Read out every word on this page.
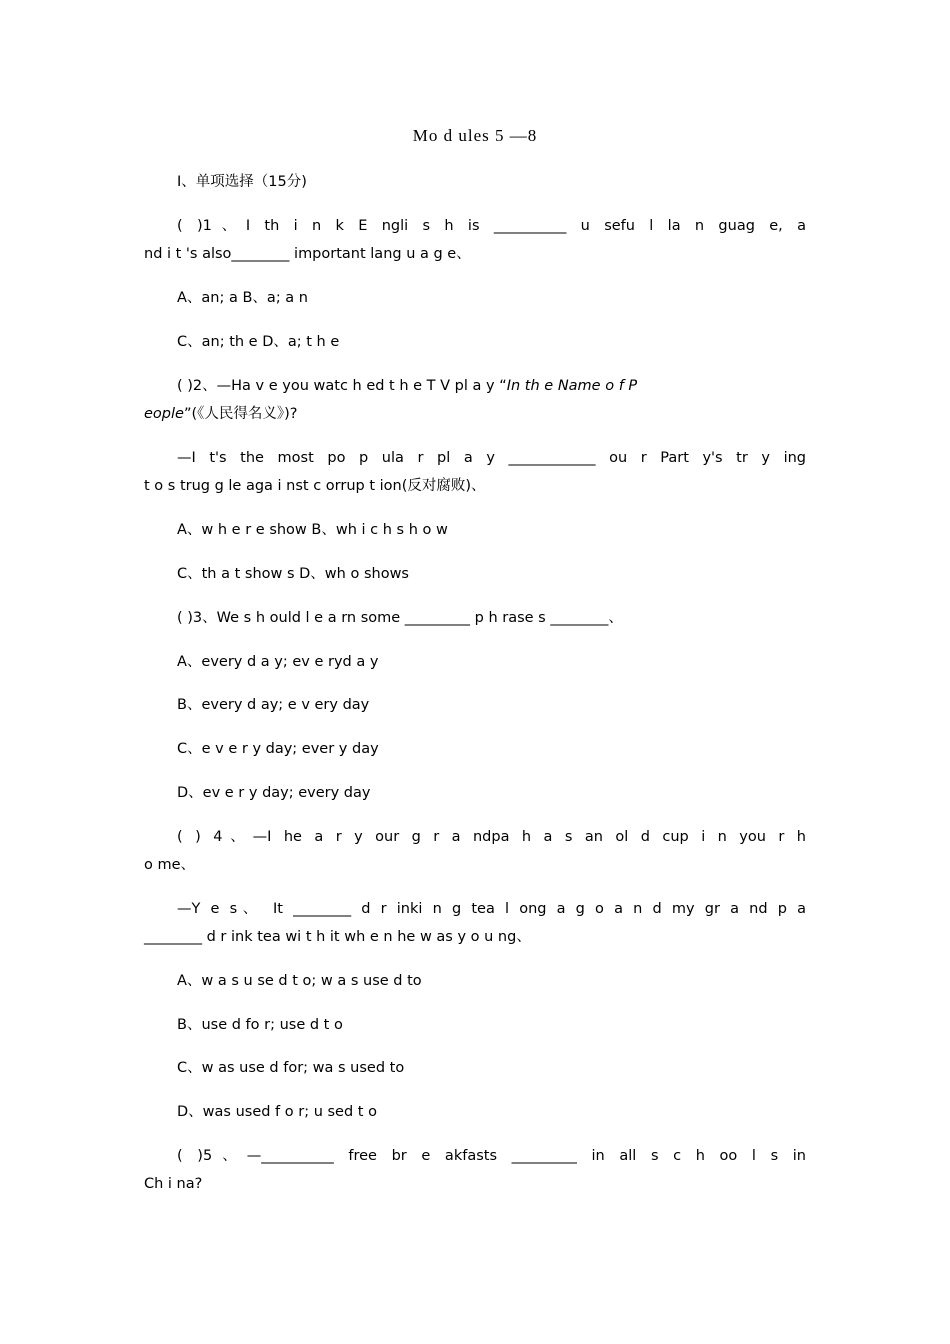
Mo d ules 5 —8
Ⅰ、单项选择（15分)
( )1、I th i n k E ngli s h is __________ u sefu l la n guag e, a
nd i t 's also________ important lang u a g e、
A、an; a B、a; a n
C、an; th e D、a; t h e
( )2、—Ha v e you watc h ed t h e T V pl a y “In th e Name o f P
eople”(《人民得名义》)?
—I t's the most po p ula r pl a y ____________ ou r Part y's tr y ing
t o s trug g le aga i nst c orrup t ion(反对腐败)、
A、w h e r e show B、wh i c h s h o w
C、th a t show s D、wh o shows
( )3、We s h ould l e a rn some _________ p h rase s ________、
A、every d a y; ev e ryd a y
B、every d ay; e v ery day
C、e v e r y day; ever y day
D、ev e r y day; every day
( ) 4、—I he a r y our g r a ndpa h a s an ol d cup i n you r h
o me、
—Y e s、 It ________ d r inki n g tea l ong a g o a n d my gr a nd p a
________ d r ink tea wi t h it wh e n he w as y o u ng、
A、w a s u se d t o; w a s use d to
B、use d fo r; use d t o
C、w as use d for; wa s used to
D、was used f o r; u sed t o
( )5、—__________ free br e akfasts _________ in all s c h oo l s in
Ch i na?
